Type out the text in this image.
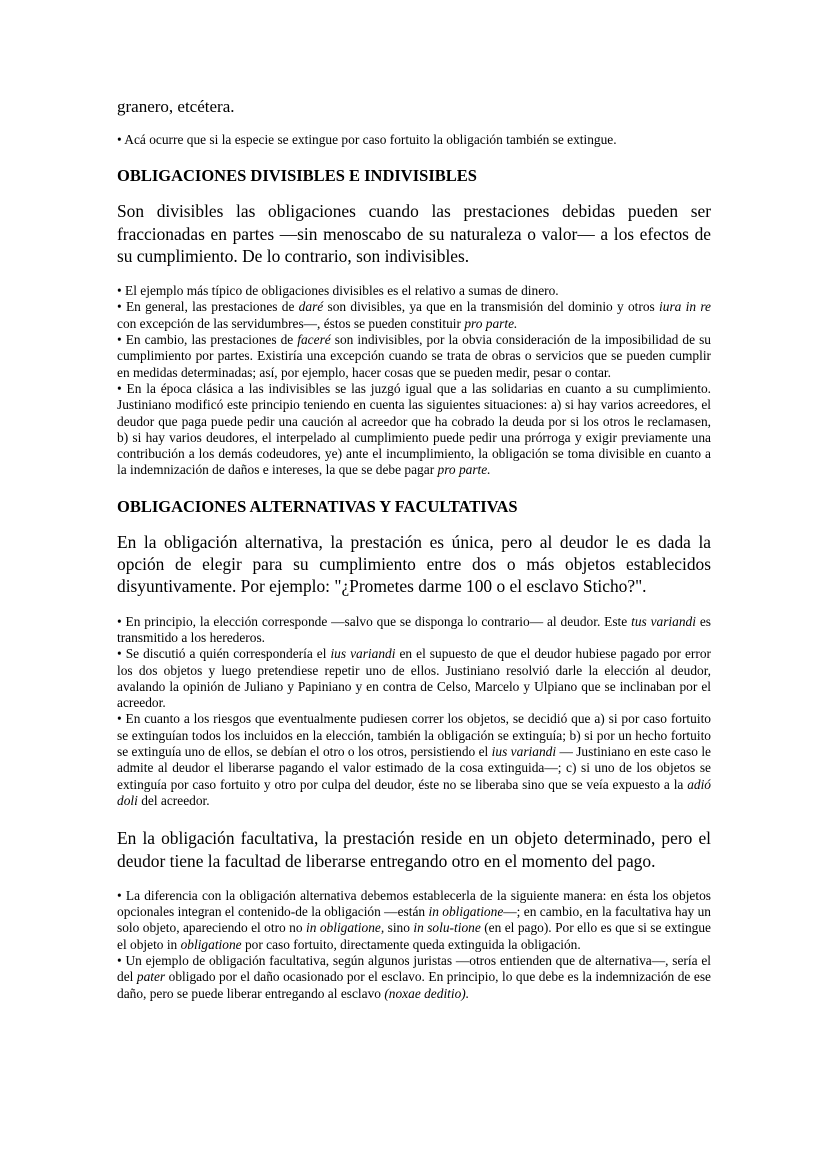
granero, etcétera.

• Acá ocurre que si la especie se extingue por caso fortuito la obligación también se extingue.

OBLIGACIONES DIVISIBLES E INDIVISIBLES

Son divisibles las obligaciones cuando las prestaciones debidas pueden ser fraccionadas en partes —sin menoscabo de su naturaleza o valor— a los efectos de su cumplimiento. De lo contrario, son indivisibles.

• El ejemplo más típico de obligaciones divisibles es el relativo a sumas de dinero.

• En general, las prestaciones de daré son divisibles, ya que en la transmisión del dominio y otros iura in re con excepción de las servidumbres—, éstos se pueden constituir pro parte.

• En cambio, las prestaciones de faceré son indivisibles, por la obvia consideración de la imposibilidad de su cumplimiento por partes. Existiría una excepción cuando se trata de obras o servicios que se pueden cumplir en medidas determinadas; así, por ejemplo, hacer cosas que se pueden medir, pesar o contar.

• En la época clásica a las indivisibles se las juzgó igual que a las solidarias en cuanto a su cumplimiento. Justiniano modificó este principio teniendo en cuenta las siguientes situaciones: a) si hay varios acreedores, el deudor que paga puede pedir una caución al acreedor que ha cobrado la deuda por si los otros le reclamasen, b) si hay varios deudores, el interpelado al cumplimiento puede pedir una prórroga y exigir previamente una contribución a los demás codeudores, ye) ante el incumplimiento, la obligación se toma divisible en cuanto a la indemnización de daños e intereses, la que se debe pagar pro parte.

OBLIGACIONES ALTERNATIVAS Y FACULTATIVAS

En la obligación alternativa, la prestación es única, pero al deudor le es dada la opción de elegir para su cumplimiento entre dos o más objetos establecidos disyuntivamente. Por ejemplo: "¿Prometes darme 100 o el esclavo Sticho?".

• En principio, la elección corresponde —salvo que se disponga lo contrario— al deudor. Este tus variandi es transmitido a los herederos.

• Se discutió a quién correspondería el ius variandi en el supuesto de que el deudor hubiese pagado por error los dos objetos y luego pretendiese repetir uno de ellos. Justiniano resolvió darle la elección al deudor, avalando la opinión de Juliano y Papiniano y en contra de Celso, Marcelo y Ulpiano que se inclinaban por el acreedor.

• En cuanto a los riesgos que eventualmente pudiesen correr los objetos, se decidió que a) si por caso fortuito se extinguían todos los incluidos en la elección, también la obligación se extinguía; b) si por un hecho fortuito se extinguía uno de ellos, se debían el otro o los otros, persistiendo el ius variandi — Justiniano en este caso le admite al deudor el liberarse pagando el valor estimado de la cosa extinguida—; c) si uno de los objetos se extinguía por caso fortuito y otro por culpa del deudor, éste no se liberaba sino que se veía expuesto a la adió doli del acreedor.

En la obligación facultativa, la prestación reside en un objeto determinado, pero el deudor tiene la facultad de liberarse entregando otro en el momento del pago.

• La diferencia con la obligación alternativa debemos establecerla de la siguiente manera: en ésta los objetos opcionales integran el contenido-de la obligación —están in obligatione—; en cambio, en la facultativa hay un solo objeto, apareciendo el otro no in obligatione, sino in solu-tione (en el pago). Por ello es que si se extingue el objeto in obligatione por caso fortuito, directamente queda extinguida la obligación.

• Un ejemplo de obligación facultativa, según algunos juristas —otros entienden que de alternativa—, sería el del pater obligado por el daño ocasionado por el esclavo. En principio, lo que debe es la indemnización de ese daño, pero se puede liberar entregando al esclavo (noxae deditio).
